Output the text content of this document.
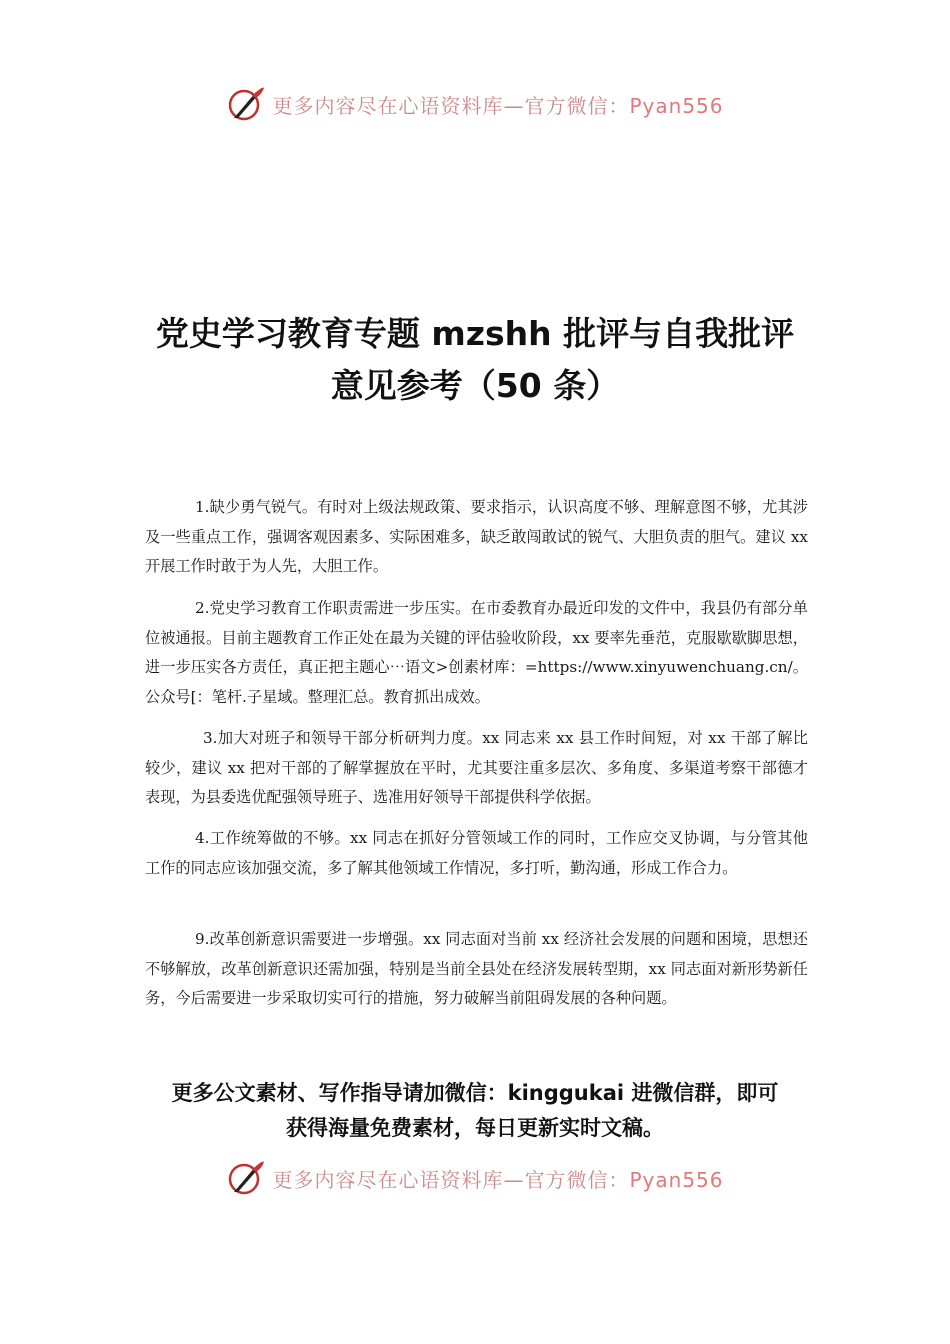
更多内容尽在心语资料库—官方微信：Pyan556
党史学习教育专题 mzshh 批评与自我批评
意见参考（50 条）
1.缺少勇气锐气。有时对上级法规政策、要求指示，认识高度不够、理解意图不够，尤其涉及一些重点工作，强调客观因素多、实际困难多，缺乏敢闯敢试的锐气、大胆负责的胆气。建议 xx 开展工作时敢于为人先，大胆工作。
2.党史学习教育工作职责需进一步压实。在市委教育办最近印发的文件中，我县仍有部分单位被通报。目前主题教育工作正处在最为关键的评估验收阶段，xx 要率先垂范，克服歇歇脚思想，进一步压实各方责任，真正把主题心⋯语文>创素材库：=https://www.xinyuwenchuang.cn/。公众号[：笔杆.子星域。整理汇总。教育抓出成效。
3.加大对班子和领导干部分析研判力度。xx 同志来 xx 县工作时间短，对 xx 干部了解比较少，建议 xx 把对干部的了解掌握放在平时，尤其要注重多层次、多角度、多渠道考察干部德才表现，为县委选优配强领导班子、选准用好领导干部提供科学依据。
4.工作统筹做的不够。xx 同志在抓好分管领域工作的同时，工作应交叉协调，与分管其他工作的同志应该加强交流，多了解其他领域工作情况，多打听，勤沟通，形成工作合力。
9.改革创新意识需要进一步增强。xx 同志面对当前 xx 经济社会发展的问题和困境，思想还不够解放，改革创新意识还需加强，特别是当前全县处在经济发展转型期，xx 同志面对新形势新任务，今后需要进一步采取切实可行的措施，努力破解当前阻碍发展的各种问题。
更多公文素材、写作指导请加微信：kinggukai 进微信群，即可
获得海量免费素材，每日更新实时文稿。
更多内容尽在心语资料库—官方微信：Pyan556
